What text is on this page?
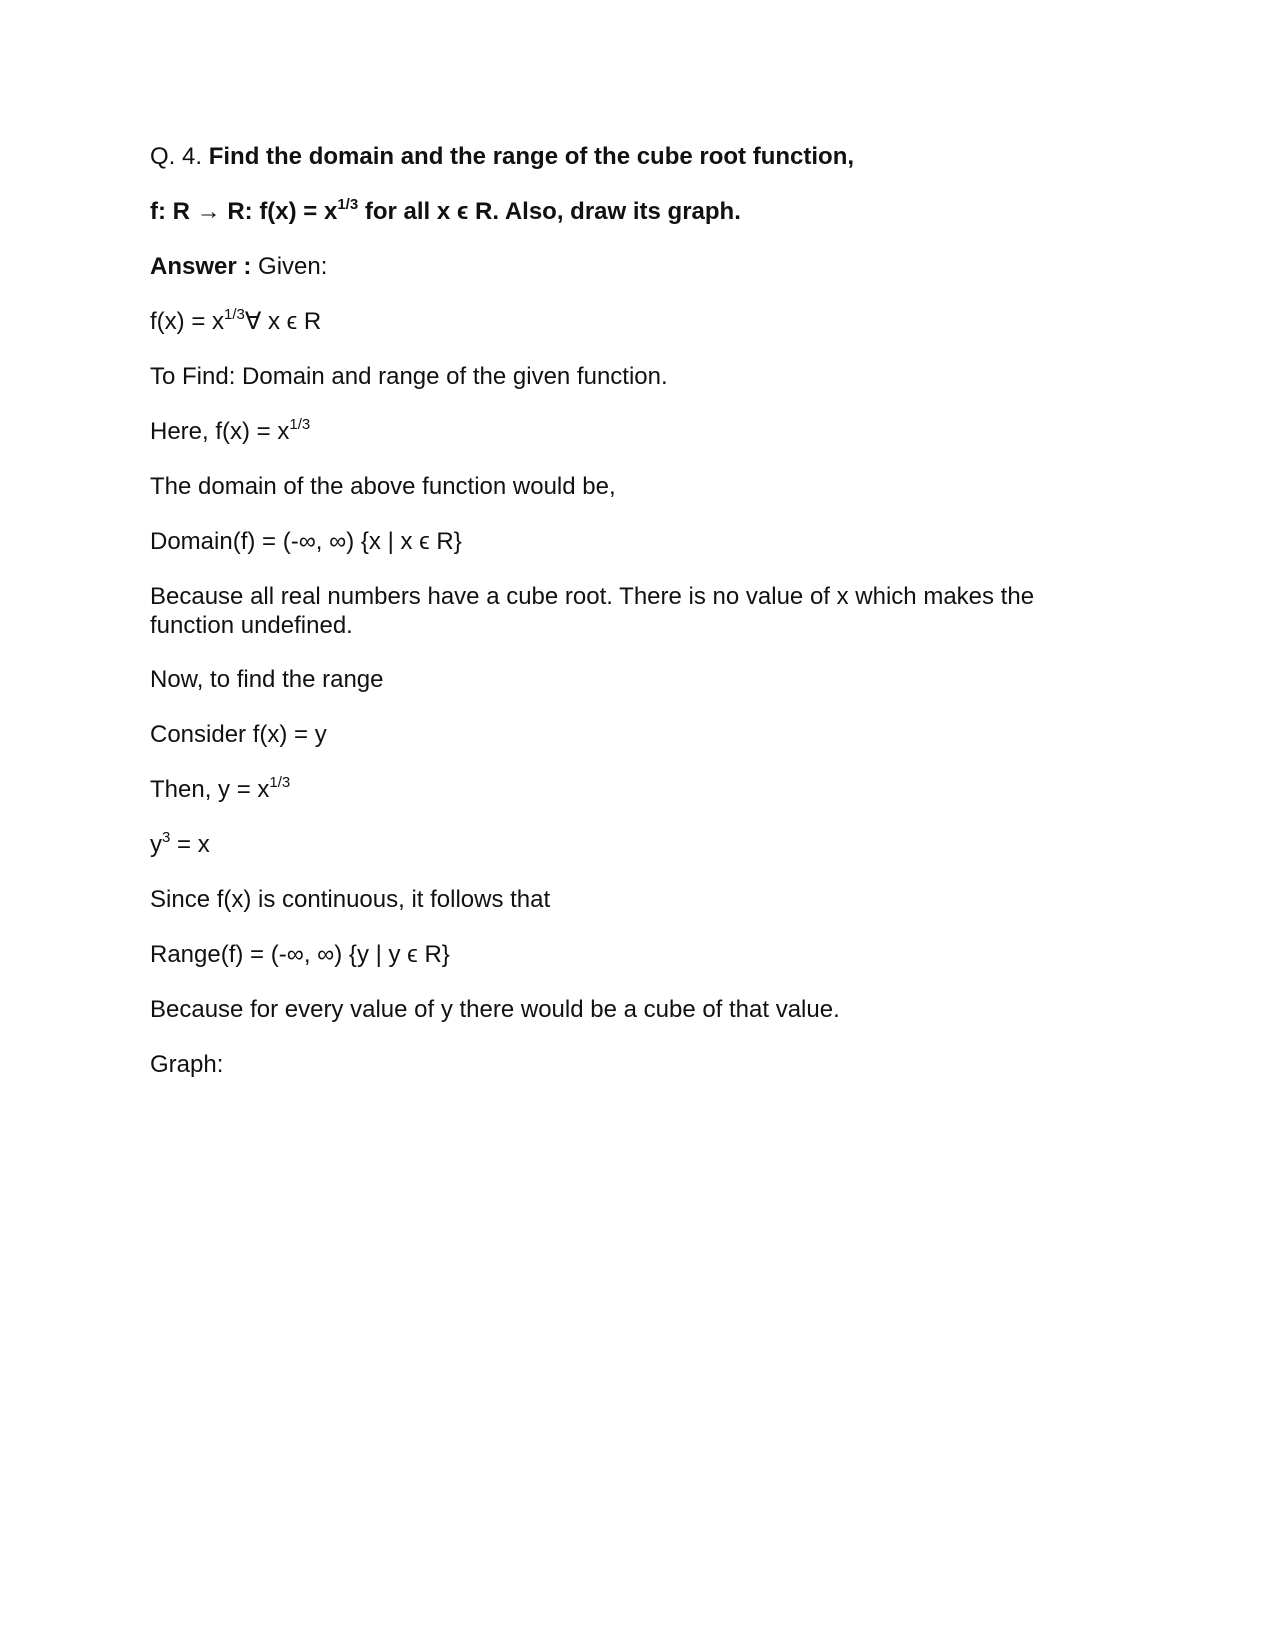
Q. 4. Find the domain and the range of the cube root function,
f: R → R: $f(x) = x^{1/3}$ for all x ϵ R. Also, draw its graph.
Answer : Given:
$f(x) = x^{1/3}\forall$ x ϵ R
To Find: Domain and range of the given function.
Here, $f(x) = x^{1/3}$
The domain of the above function would be,
Domain(f) = (-∞, ∞) {x | x ϵ R}
Because all real numbers have a cube root. There is no value of x which makes the function undefined.
Now, to find the range
Consider f(x) = y
Then, $y = x^{1/3}$
$y^3 = x$
Since f(x) is continuous, it follows that
Range(f) = (-∞, ∞) {y | y ϵ R}
Because for every value of y there would be a cube of that value.
Graph:
